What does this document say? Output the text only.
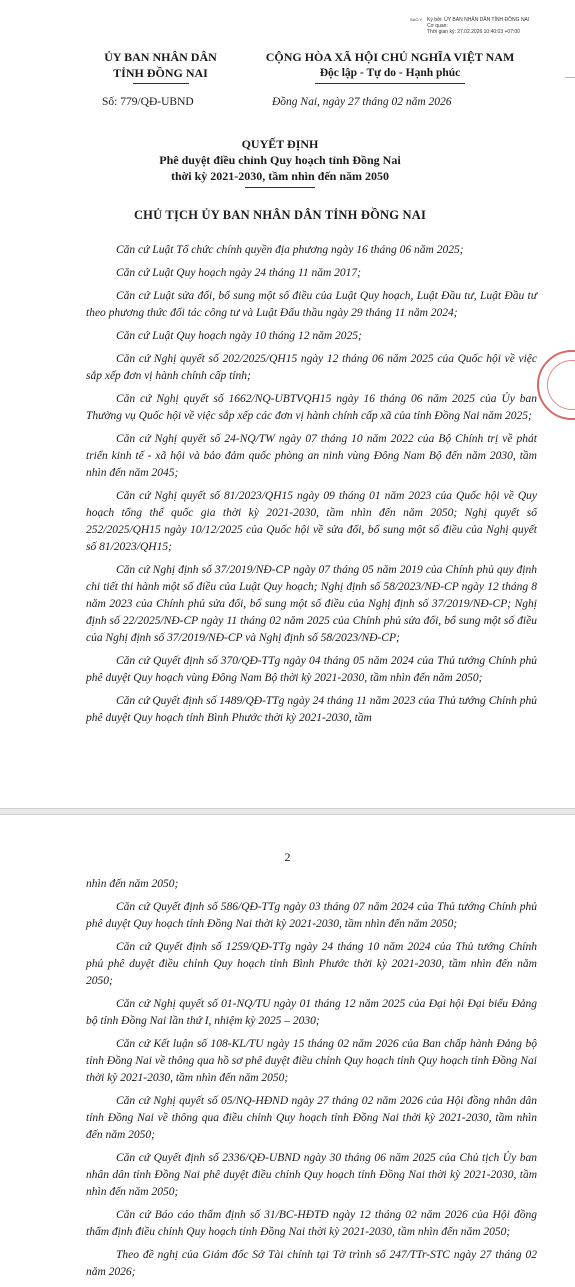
SAO Y Ký bởi: ỦY BAN NHÂN DÂN TỈNH ĐỒNG NAI
Cơ quan:
Thời gian ký: 27.02.2026 10:40:03 +07:00
ỦY BAN NHÂN DÂN
TỈNH ĐỒNG NAI
CỘNG HÒA XÃ HỘI CHỦ NGHĨA VIỆT NAM
Độc lập - Tự do - Hạnh phúc
Số: 779/QĐ-UBND	Đồng Nai, ngày 27 tháng 02 năm 2026
QUYẾT ĐỊNH
Phê duyệt điều chỉnh Quy hoạch tỉnh Đồng Nai
thời kỳ 2021-2030, tầm nhìn đến năm 2050
CHỦ TỊCH ỦY BAN NHÂN DÂN TỈNH ĐỒNG NAI

Căn cứ Luật Tổ chức chính quyền địa phương ngày 16 tháng 06 năm 2025;

Căn cứ Luật Quy hoạch ngày 24 tháng 11 năm 2017;

Căn cứ Luật sửa đổi, bổ sung một số điều của Luật Quy hoạch, Luật Đầu tư, Luật Đầu tư theo phương thức đối tác công tư và Luật Đấu thầu ngày 29 tháng 11 năm 2024;

Căn cứ Luật Quy hoạch ngày 10 tháng 12 năm 2025;

Căn cứ Nghị quyết số 202/2025/QH15 ngày 12 tháng 06 năm 2025 của Quốc hội về việc sắp xếp đơn vị hành chính cấp tỉnh;

Căn cứ Nghị quyết số 1662/NQ-UBTVQH15 ngày 16 tháng 06 năm 2025 của Ủy ban Thường vụ Quốc hội về việc sắp xếp các đơn vị hành chính cấp xã của tỉnh Đồng Nai năm 2025;

Căn cứ Nghị quyết số 24-NQ/TW ngày 07 tháng 10 năm 2022 của Bộ Chính trị về phát triển kinh tế - xã hội và bảo đảm quốc phòng an ninh vùng Đông Nam Bộ đến năm 2030, tầm nhìn đến năm 2045;

Căn cứ Nghị quyết số 81/2023/QH15 ngày 09 tháng 01 năm 2023 của Quốc hội về Quy hoạch tổng thể quốc gia thời kỳ 2021-2030, tầm nhìn đến năm 2050; Nghị quyết số 252/2025/QH15 ngày 10/12/2025 của Quốc hội về sửa đổi, bổ sung một số điều của Nghị quyết số 81/2023/QH15;

Căn cứ Nghị định số 37/2019/NĐ-CP ngày 07 tháng 05 năm 2019 của Chính phủ quy định chi tiết thi hành một số điều của Luật Quy hoạch; Nghị định số 58/2023/NĐ-CP ngày 12 tháng 8 năm 2023 của Chính phủ sửa đổi, bổ sung một số điều của Nghị định số 37/2019/NĐ-CP; Nghị định số 22/2025/NĐ-CP ngày 11 tháng 02 năm 2025 của Chính phủ sửa đổi, bổ sung một số điều của Nghị định số 37/2019/NĐ-CP và Nghị định số 58/2023/NĐ-CP;

Căn cứ Quyết định số 370/QĐ-TTg ngày 04 tháng 05 năm 2024 của Thủ tướng Chính phủ phê duyệt Quy hoạch vùng Đông Nam Bộ thời kỳ 2021-2030, tầm nhìn đến năm 2050;

Căn cứ Quyết định số 1489/QĐ-TTg ngày 24 tháng 11 năm 2023 của Thủ tướng Chính phủ phê duyệt Quy hoạch tỉnh Bình Phước thời kỳ 2021-2030, tầm

2

nhìn đến năm 2050;

Căn cứ Quyết định số 586/QĐ-TTg ngày 03 tháng 07 năm 2024 của Thủ tướng Chính phủ phê duyệt Quy hoạch tỉnh Đồng Nai thời kỳ 2021-2030, tầm nhìn đến năm 2050;

Căn cứ Quyết định số 1259/QĐ-TTg ngày 24 tháng 10 năm 2024 của Thủ tướng Chính phủ phê duyệt điều chỉnh Quy hoạch tỉnh Bình Phước thời kỳ 2021-2030, tầm nhìn đến năm 2050;

Căn cứ Nghị quyết số 01-NQ/TU ngày 01 tháng 12 năm 2025 của Đại hội Đại biểu Đảng bộ tỉnh Đồng Nai lần thứ I, nhiệm kỳ 2025 – 2030;

Căn cứ Kết luận số 108-KL/TU ngày 15 tháng 02 năm 2026 của Ban chấp hành Đảng bộ tỉnh Đồng Nai về thông qua hồ sơ phê duyệt điều chỉnh Quy hoạch tỉnh Quy hoạch tỉnh Đồng Nai thời kỳ 2021-2030, tầm nhìn đến năm 2050;

Căn cứ Nghị quyết số 05/NQ-HĐND ngày 27 tháng 02 năm 2026 của Hội đồng nhân dân tỉnh Đồng Nai về thông qua điều chỉnh Quy hoạch tỉnh Đồng Nai thời kỳ 2021-2030, tầm nhìn đến năm 2050;

Căn cứ Quyết định số 2336/QĐ-UBND ngày 30 tháng 06 năm 2025 của Chủ tịch Ủy ban nhân dân tỉnh Đồng Nai phê duyệt điều chỉnh Quy hoạch tỉnh Đồng Nai thời kỳ 2021-2030, tầm nhìn đến năm 2050;

Căn cứ Báo cáo thẩm định số 31/BC-HĐTĐ ngày 12 tháng 02 năm 2026 của Hội đồng thẩm định điều chỉnh Quy hoạch tỉnh Đồng Nai thời kỳ 2021-2030, tầm nhìn đến năm 2050;

Theo đề nghị của Giám đốc Sở Tài chính tại Tờ trình số 247/TTr-STC ngày 27 tháng 02 năm 2026;
